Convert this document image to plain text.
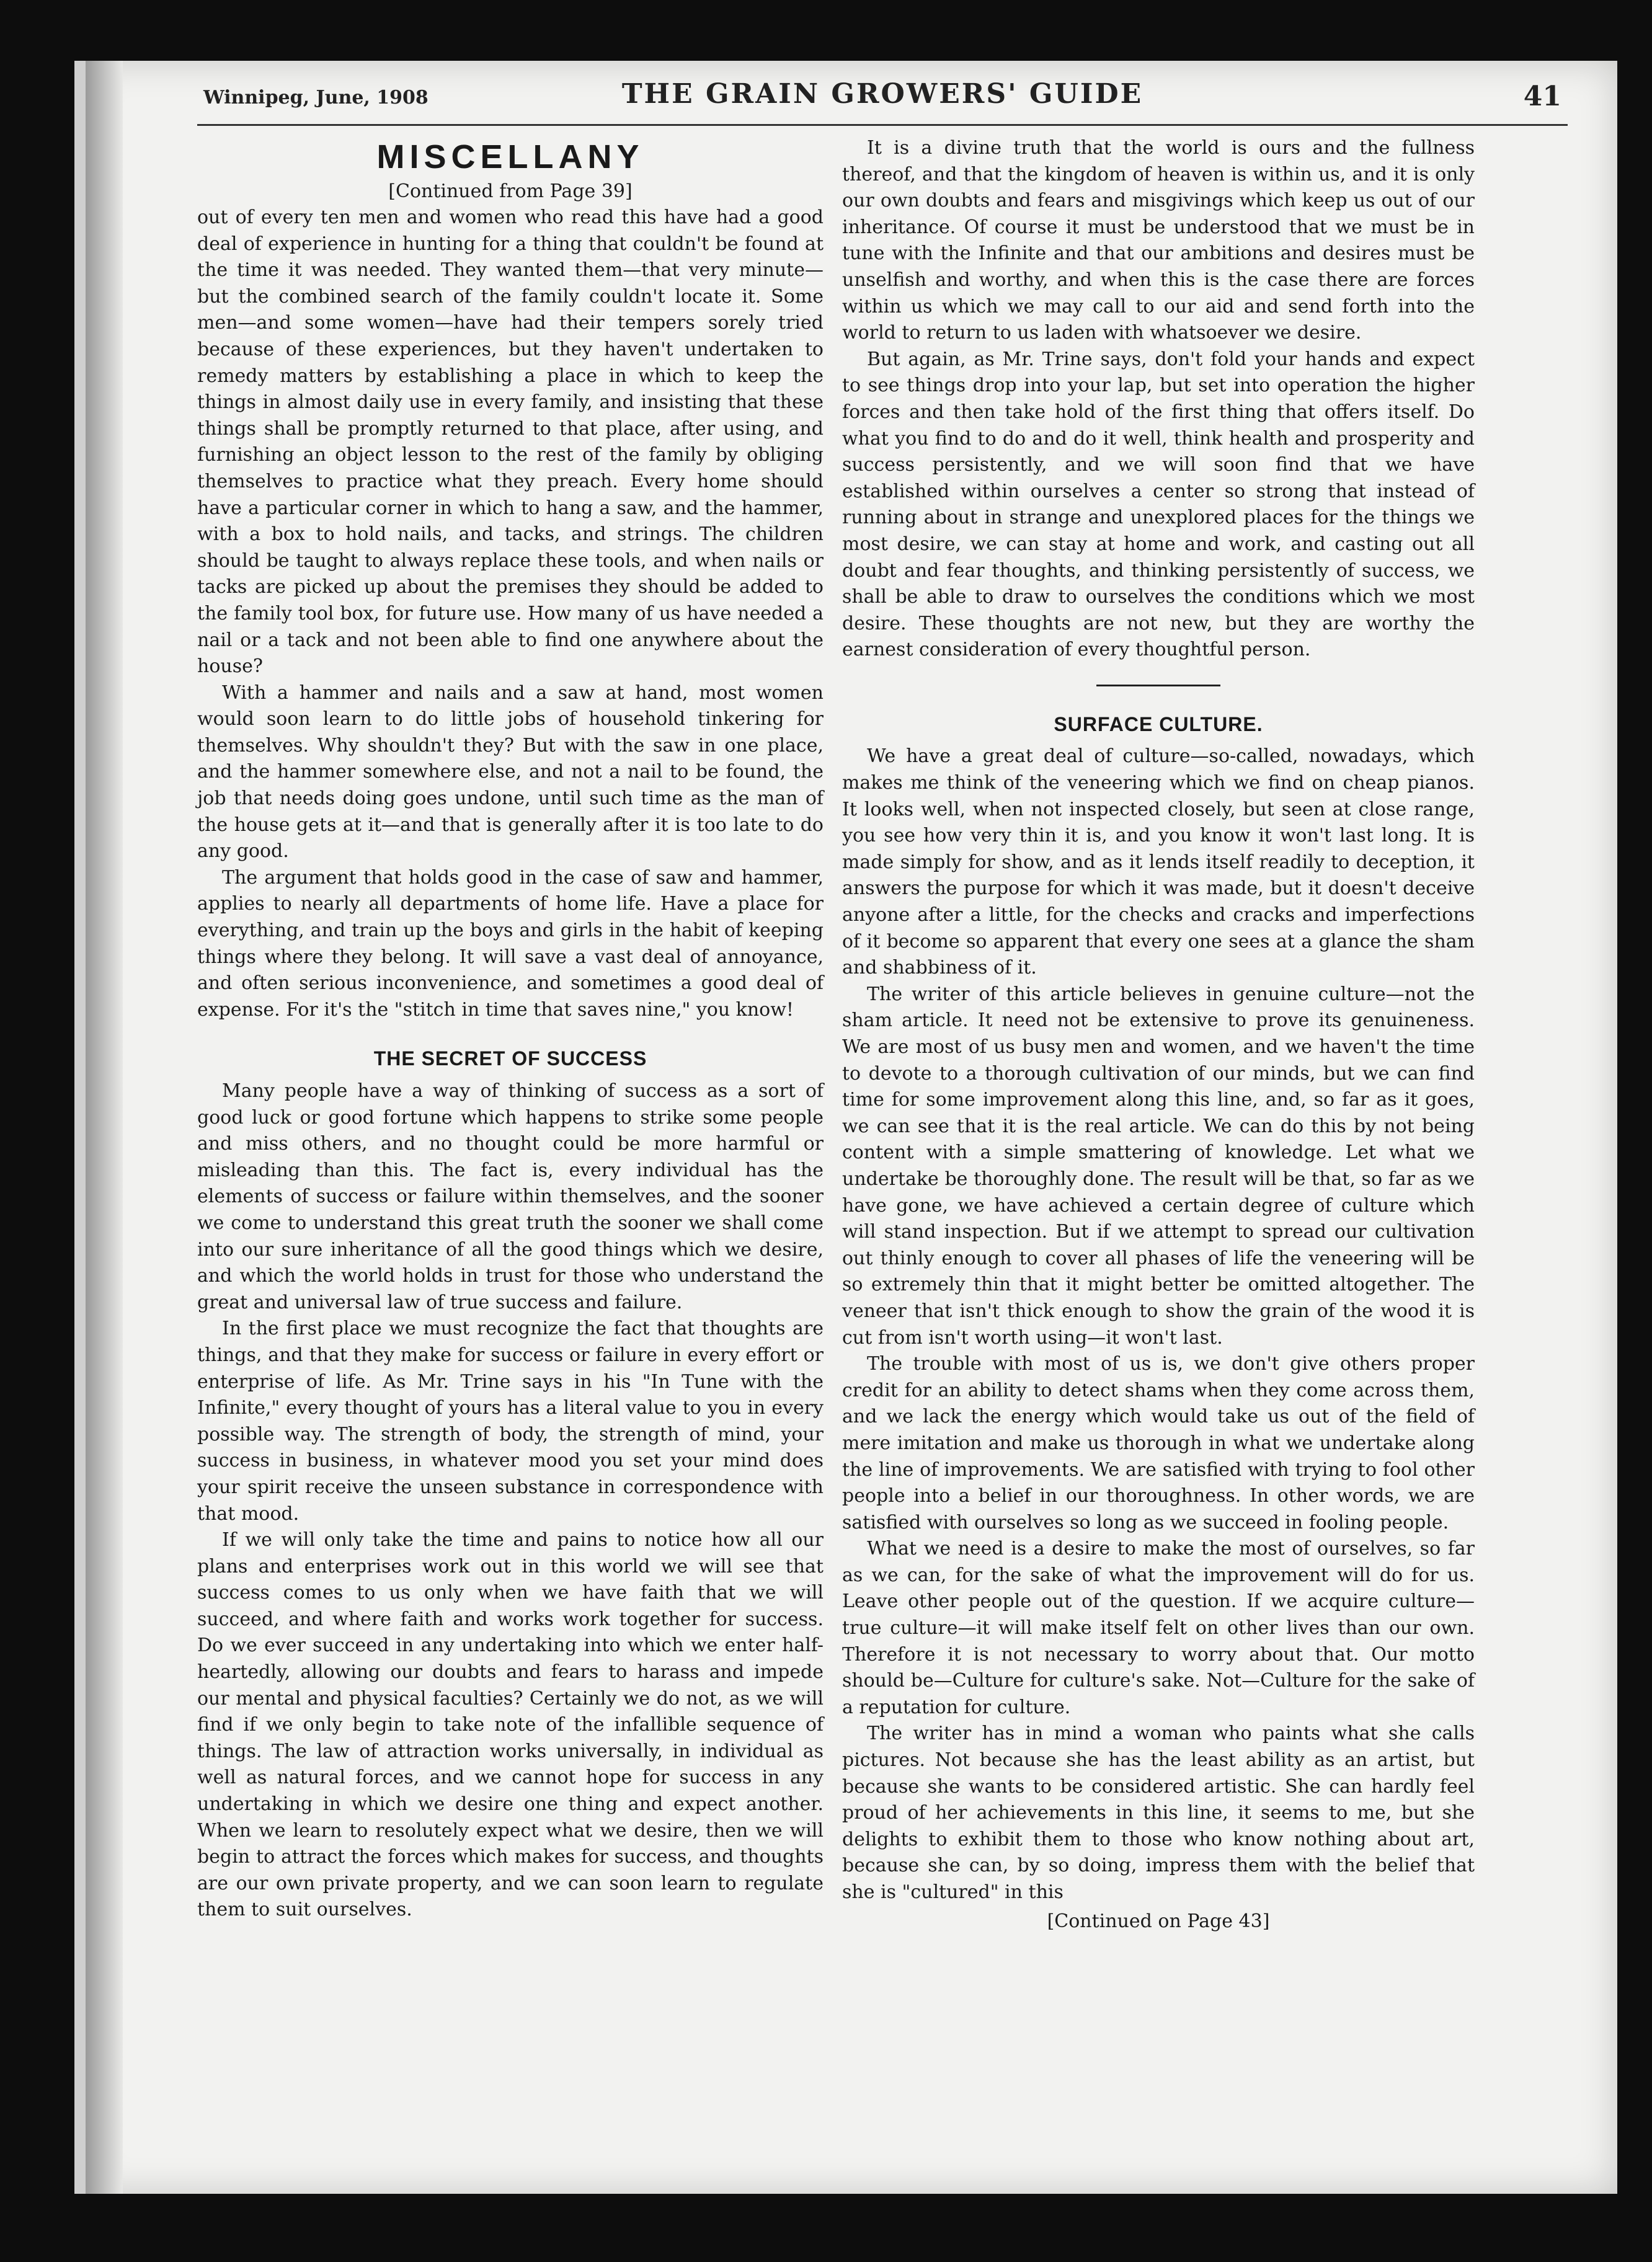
Winnipeg, June, 1908	THE GRAIN GROWERS' GUIDE	41
MISCELLANY
[Continued from Page 39]

out of every ten men and women who read this have had a good deal of experience in hunting for a thing that couldn't be found at the time it was needed. They wanted them—that very minute—but the combined search of the family couldn't locate it. Some men—and some women—have had their tempers sorely tried because of these experiences, but they haven't undertaken to remedy matters by establishing a place in which to keep the things in almost daily use in every family, and insisting that these things shall be promptly returned to that place, after using, and furnishing an object lesson to the rest of the family by obliging themselves to practice what they preach. Every home should have a particular corner in which to hang a saw, and the hammer, with a box to hold nails, and tacks, and strings. The children should be taught to always replace these tools, and when nails or tacks are picked up about the premises they should be added to the family tool box, for future use. How many of us have needed a nail or a tack and not been able to find one anywhere about the house?

With a hammer and nails and a saw at hand, most women would soon learn to do little jobs of household tinkering for themselves. Why shouldn't they? But with the saw in one place, and the hammer somewhere else, and not a nail to be found, the job that needs doing goes undone, until such time as the man of the house gets at it—and that is generally after it is too late to do any good.

The argument that holds good in the case of saw and hammer, applies to nearly all departments of home life. Have a place for everything, and train up the boys and girls in the habit of keeping things where they belong. It will save a vast deal of annoyance, and often serious inconvenience, and sometimes a good deal of expense. For it's the "stitch in time that saves nine," you know!

THE SECRET OF SUCCESS

Many people have a way of thinking of success as a sort of good luck or good fortune which happens to strike some people and miss others, and no thought could be more harmful or misleading than this. The fact is, every individual has the elements of success or failure within themselves, and the sooner we come to understand this great truth the sooner we shall come into our sure inheritance of all the good things which we desire, and which the world holds in trust for those who understand the great and universal law of true success and failure.

In the first place we must recognize the fact that thoughts are things, and that they make for success or failure in every effort or enterprise of life. As Mr. Trine says in his "In Tune with the Infinite," every thought of yours has a literal value to you in every possible way. The strength of body, the strength of mind, your success in business, in whatever mood you set your mind does your spirit receive the unseen substance in correspondence with that mood.

If we will only take the time and pains to notice how all our plans and enterprises work out in this world we will see that success comes to us only when we have faith that we will succeed, and where faith and works work together for success. Do we ever succeed in any undertaking into which we enter half-heartedly, allowing our doubts and fears to harass and impede our mental and physical faculties? Certainly we do not, as we will find if we only begin to take note of the infallible sequence of things. The law of attraction works universally, in individual as well as natural forces, and we cannot hope for success in any undertaking in which we desire one thing and expect another. When we learn to resolutely expect what we desire, then we will begin to attract the forces which makes for success, and thoughts are our own private property, and we can soon learn to regulate them to suit ourselves.

It is a divine truth that the world is ours and the fullness thereof, and that the kingdom of heaven is within us, and it is only our own doubts and fears and misgivings which keep us out of our inheritance. Of course it must be understood that we must be in tune with the Infinite and that our ambitions and desires must be unselfish and worthy, and when this is the case there are forces within us which we may call to our aid and send forth into the world to return to us laden with whatsoever we desire.

But again, as Mr. Trine says, don't fold your hands and expect to see things drop into your lap, but set into operation the higher forces and then take hold of the first thing that offers itself. Do what you find to do and do it well, think health and prosperity and success persistently, and we will soon find that we have established within ourselves a center so strong that instead of running about in strange and unexplored places for the things we most desire, we can stay at home and work, and casting out all doubt and fear thoughts, and thinking persistently of success, we shall be able to draw to ourselves the conditions which we most desire. These thoughts are not new, but they are worthy the earnest consideration of every thoughtful person.

SURFACE CULTURE.

We have a great deal of culture—so-called, nowadays, which makes me think of the veneering which we find on cheap pianos. It looks well, when not inspected closely, but seen at close range, you see how very thin it is, and you know it won't last long. It is made simply for show, and as it lends itself readily to deception, it answers the purpose for which it was made, but it doesn't deceive anyone after a little, for the checks and cracks and imperfections of it become so apparent that every one sees at a glance the sham and shabbiness of it.

The writer of this article believes in genuine culture—not the sham article. It need not be extensive to prove its genuineness. We are most of us busy men and women, and we haven't the time to devote to a thorough cultivation of our minds, but we can find time for some improvement along this line, and, so far as it goes, we can see that it is the real article. We can do this by not being content with a simple smattering of knowledge. Let what we undertake be thoroughly done. The result will be that, so far as we have gone, we have achieved a certain degree of culture which will stand inspection. But if we attempt to spread our cultivation out thinly enough to cover all phases of life the veneering will be so extremely thin that it might better be omitted altogether. The veneer that isn't thick enough to show the grain of the wood it is cut from isn't worth using—it won't last.

The trouble with most of us is, we don't give others proper credit for an ability to detect shams when they come across them, and we lack the energy which would take us out of the field of mere imitation and make us thorough in what we undertake along the line of improvements. We are satisfied with trying to fool other people into a belief in our thoroughness. In other words, we are satisfied with ourselves so long as we succeed in fooling people.

What we need is a desire to make the most of ourselves, so far as we can, for the sake of what the improvement will do for us. Leave other people out of the question. If we acquire culture—true culture—it will make itself felt on other lives than our own. Therefore it is not necessary to worry about that. Our motto should be—Culture for culture's sake. Not—Culture for the sake of a reputation for culture.

The writer has in mind a woman who paints what she calls pictures. Not because she has the least ability as an artist, but because she wants to be considered artistic. She can hardly feel proud of her achievements in this line, it seems to me, but she delights to exhibit them to those who know nothing about art, because she can, by so doing, impress them with the belief that she is "cultured" in this

[Continued on Page 43]
